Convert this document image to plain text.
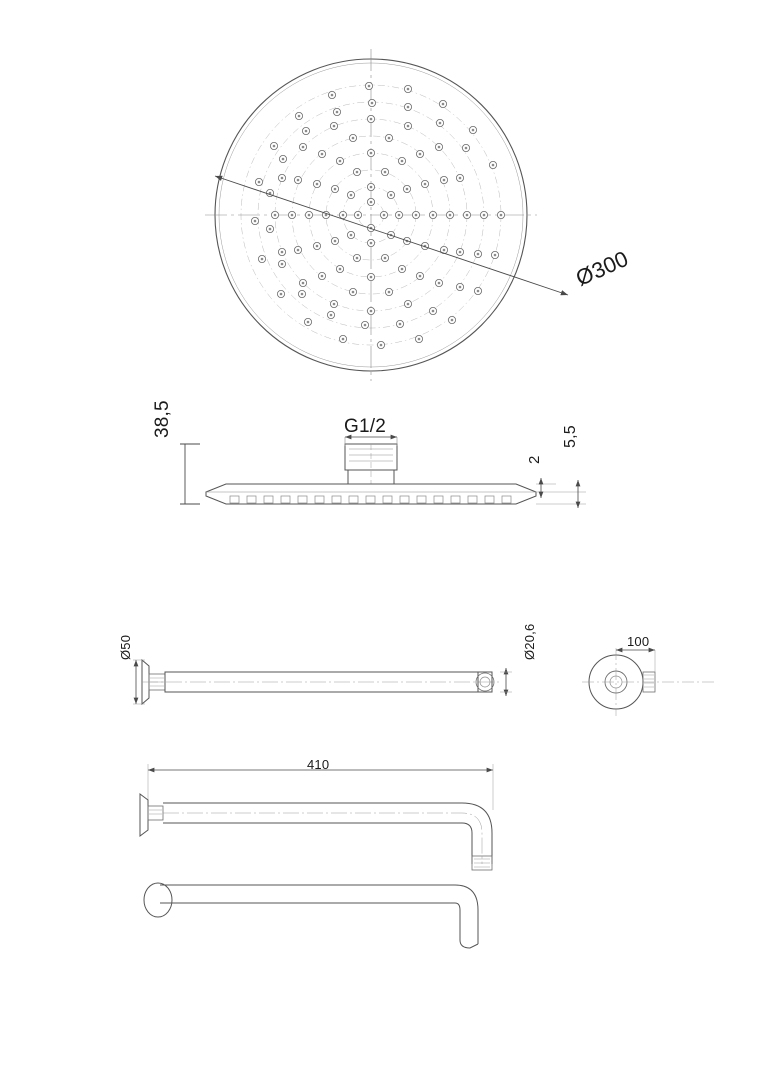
Ø300
G1/2
38,5
2
5,5
Ø50	Ø20,6	100
410
